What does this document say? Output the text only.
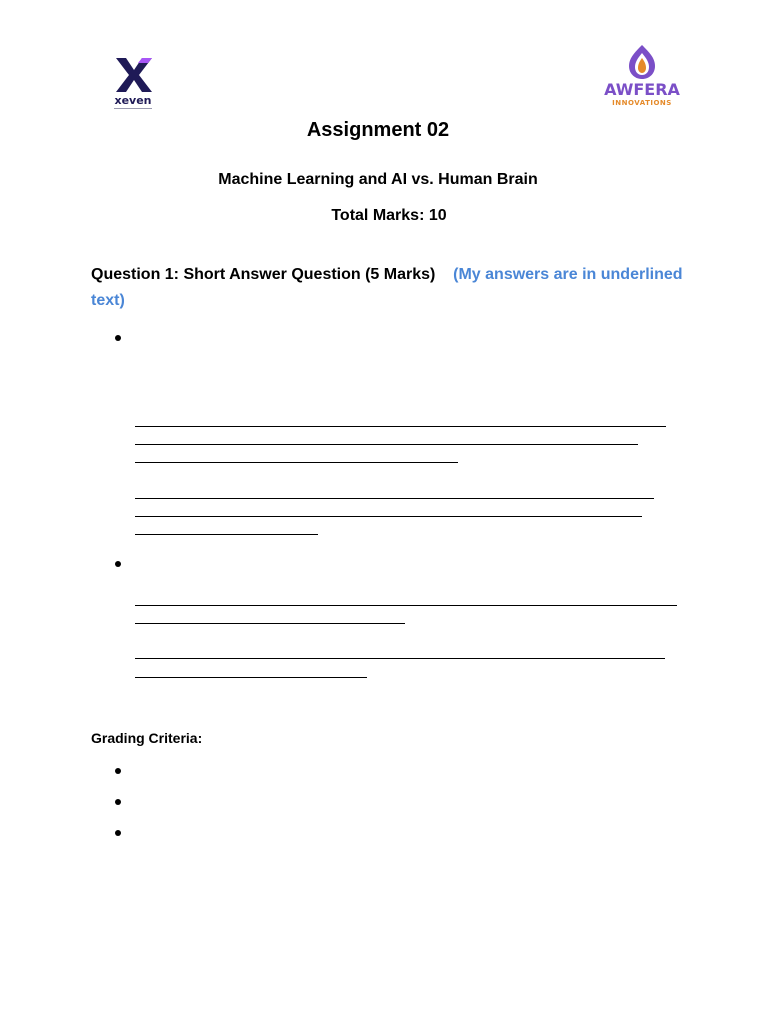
xeven
AWFERA
INNOVATIONS
Assignment 02
Machine Learning and AI vs. Human Brain
Total Marks: 10
Question 1: Short Answer Question (5 Marks) (My answers are in underlined text)
Grading Criteria:
